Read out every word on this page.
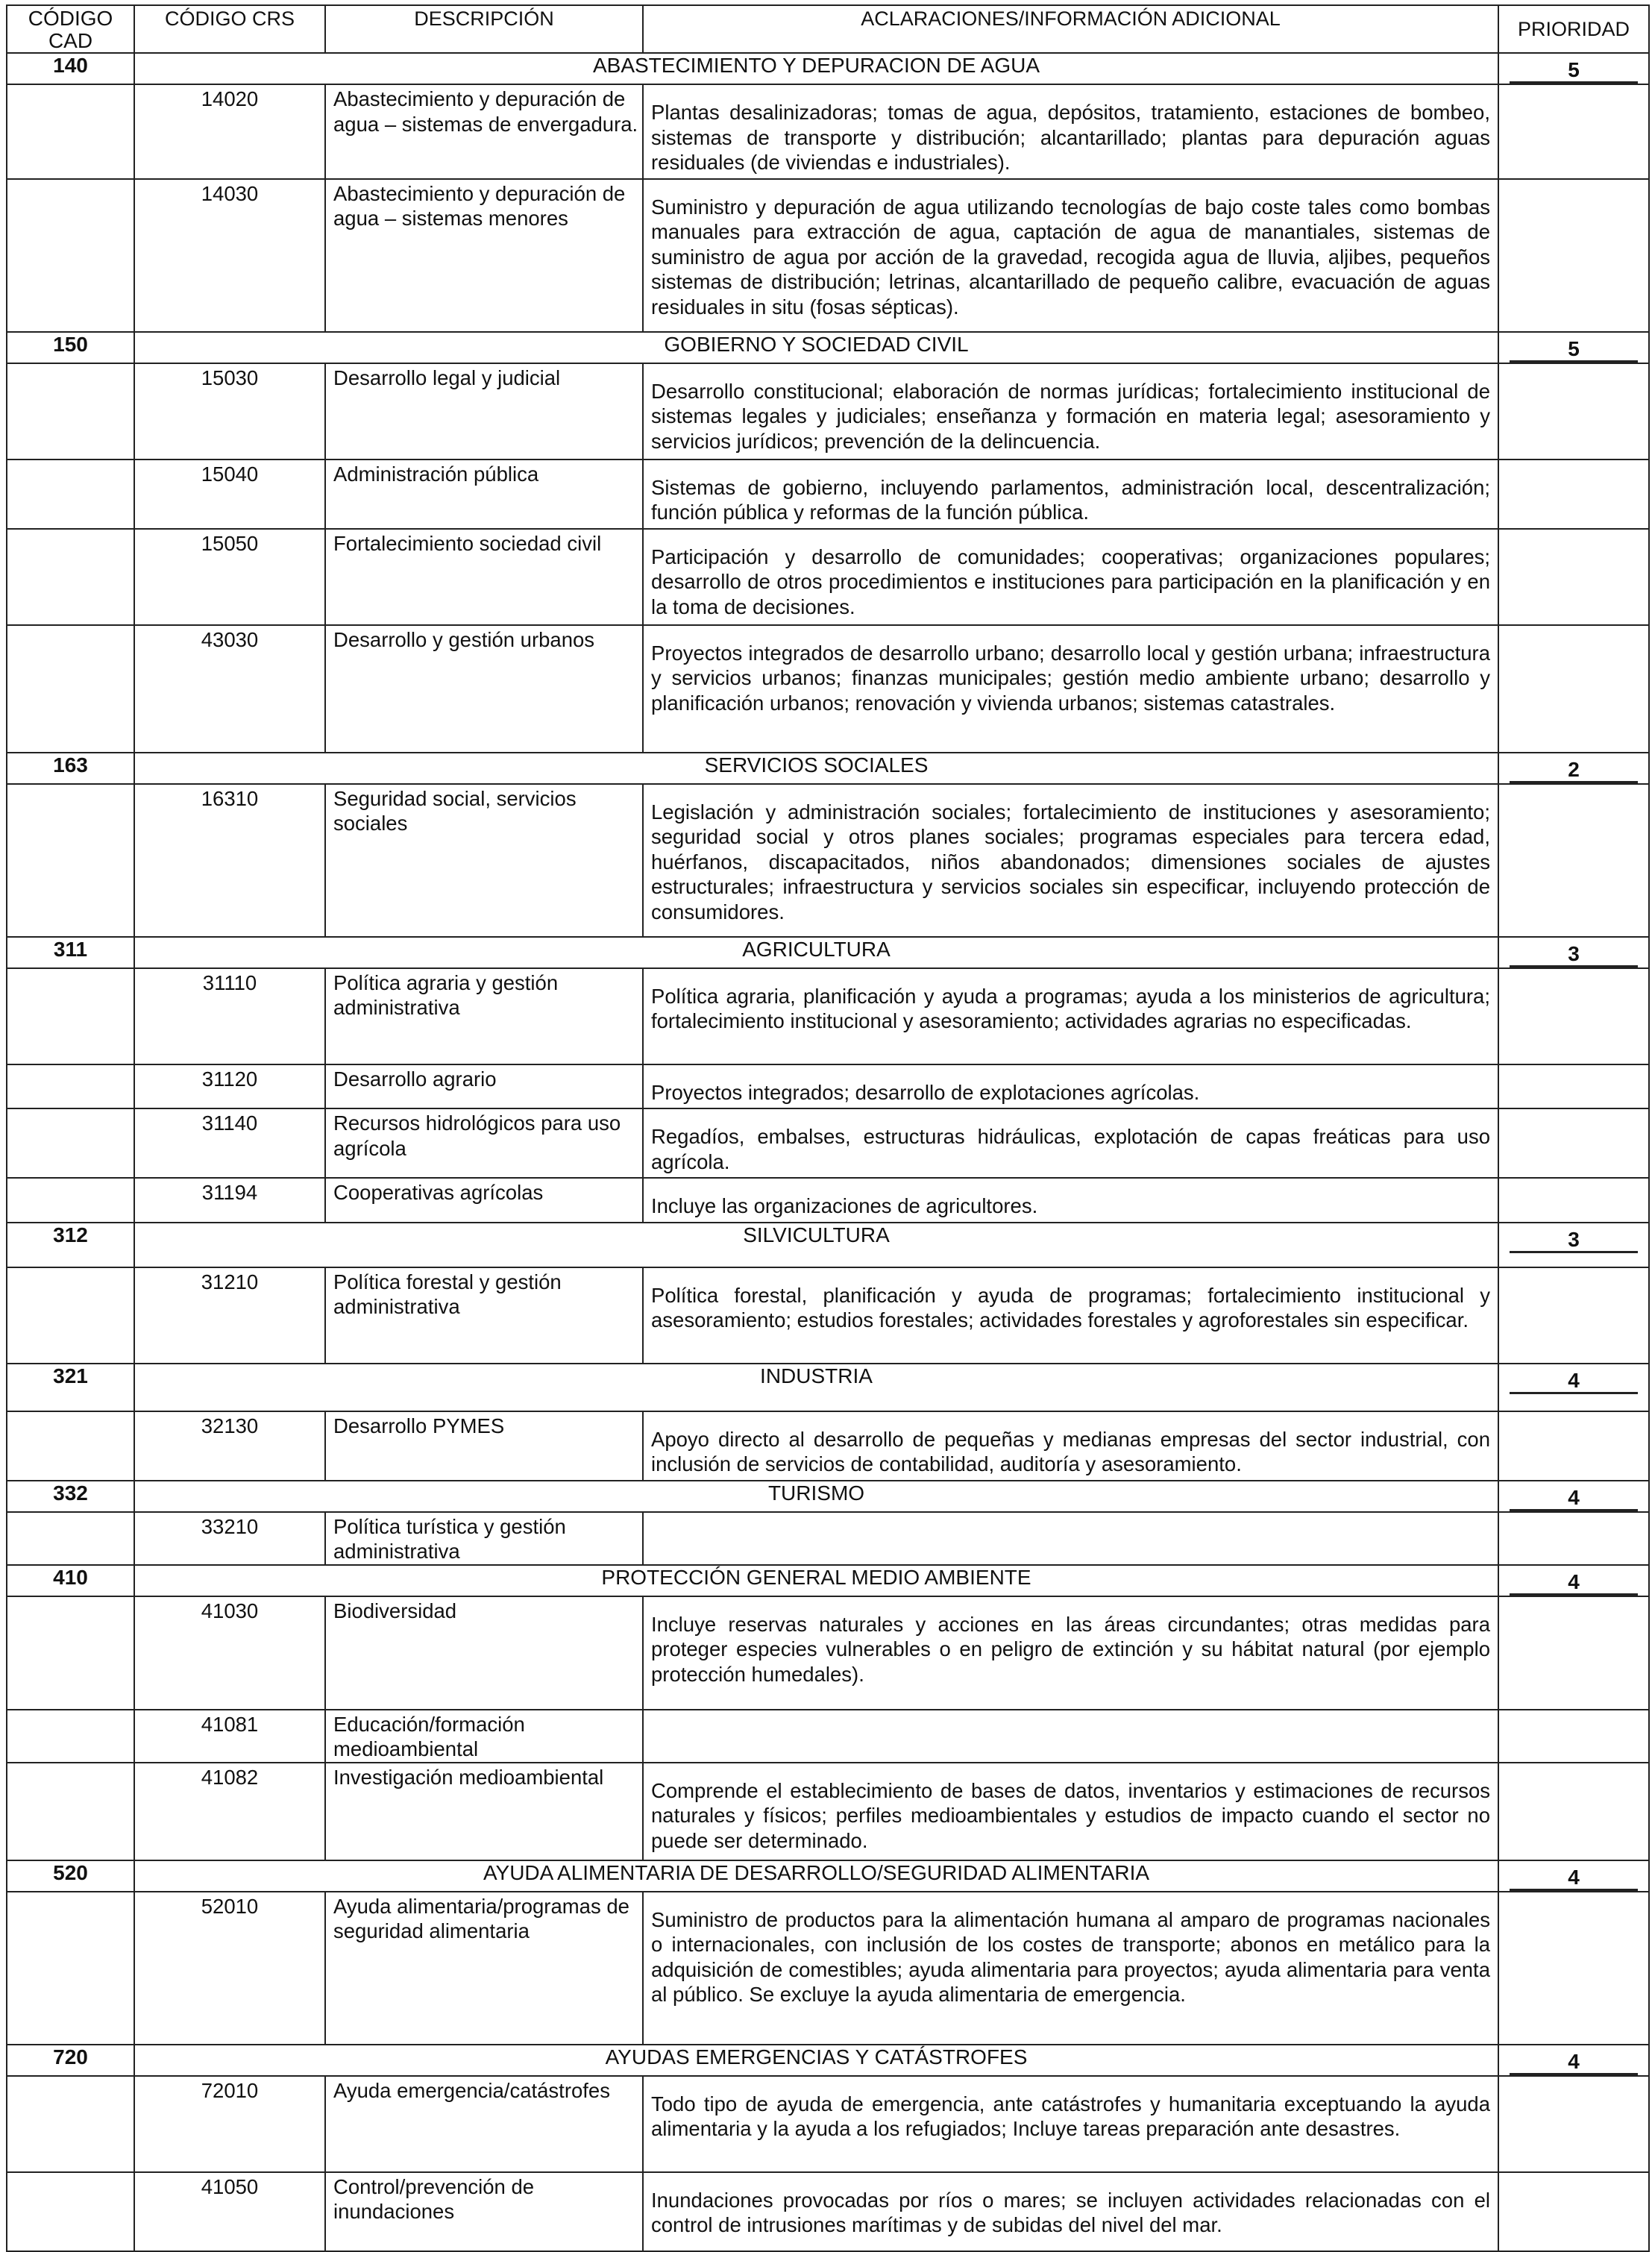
CÓDIGO CAD	CÓDIGO CRS	DESCRIPCIÓN	ACLARACIONES/INFORMACIÓN ADICIONAL	PRIORIDAD
140	ABASTECIMIENTO Y DEPURACION DE AGUA			5
	14020	Abastecimiento y depuración de agua – sistemas de envergadura.	Plantas desalinizadoras; tomas de agua, depósitos, tratamiento, estaciones de bombeo, sistemas de transporte y distribución; alcantarillado; plantas para depuración aguas residuales (de viviendas e industriales).	
	14030	Abastecimiento y depuración de agua – sistemas menores	Suministro y depuración de agua utilizando tecnologías de bajo coste tales como bombas manuales para extracción de agua, captación de agua de manantiales, sistemas de suministro de agua por acción de la gravedad, recogida agua de lluvia, aljibes, pequeños sistemas de distribución; letrinas, alcantarillado de pequeño calibre, evacuación de aguas residuales in situ (fosas sépticas).	
150	GOBIERNO Y SOCIEDAD CIVIL			5
	15030	Desarrollo legal y judicial	Desarrollo constitucional; elaboración de normas jurídicas; fortalecimiento institucional de sistemas legales y judiciales; enseñanza y formación en materia legal; asesoramiento y servicios jurídicos; prevención de la delincuencia.	
	15040	Administración pública	Sistemas de gobierno, incluyendo parlamentos, administración local, descentralización; función pública y reformas de la función pública.	
	15050	Fortalecimiento sociedad civil	Participación y desarrollo de comunidades; cooperativas; organizaciones populares; desarrollo de otros procedimientos e instituciones para participación en la planificación y en la toma de decisiones.	
	43030	Desarrollo y gestión urbanos	Proyectos integrados de desarrollo urbano; desarrollo local y gestión urbana; infraestructura y servicios urbanos; finanzas municipales; gestión medio ambiente urbano; desarrollo y planificación urbanos; renovación y vivienda urbanos; sistemas catastrales.	
163	SERVICIOS SOCIALES			2
	16310	Seguridad social, servicios sociales	Legislación y administración sociales; fortalecimiento de instituciones y asesoramiento; seguridad social y otros planes sociales; programas especiales para tercera edad, huérfanos, discapacitados, niños abandonados; dimensiones sociales de ajustes estructurales; infraestructura y servicios sociales sin especificar, incluyendo protección de consumidores.	
311	AGRICULTURA			3
	31110	Política agraria y gestión administrativa	Política agraria, planificación y ayuda a programas; ayuda a los ministerios de agricultura; fortalecimiento institucional y asesoramiento; actividades agrarias no especificadas.	
	31120	Desarrollo agrario	Proyectos integrados; desarrollo de explotaciones agrícolas.	
	31140	Recursos hidrológicos para uso agrícola	Regadíos, embalses, estructuras hidráulicas, explotación de capas freáticas para uso agrícola.	
	31194	Cooperativas agrícolas	Incluye las organizaciones de agricultores.	
312	SILVICULTURA			3
	31210	Política forestal y gestión administrativa	Política forestal, planificación y ayuda de programas; fortalecimiento institucional y asesoramiento; estudios forestales; actividades forestales y agroforestales sin especificar.	
321	INDUSTRIA			4
	32130	Desarrollo PYMES	Apoyo directo al desarrollo de pequeñas y medianas empresas del sector industrial, con inclusión de servicios de contabilidad, auditoría y asesoramiento.	
332	TURISMO			4
	33210	Política turística y gestión administrativa		
410	PROTECCIÓN GENERAL MEDIO AMBIENTE			4
	41030	Biodiversidad	Incluye reservas naturales y acciones en las áreas circundantes; otras medidas para proteger especies vulnerables o en peligro de extinción y su hábitat natural (por ejemplo protección humedales).	
	41081	Educación/formación medioambiental		
	41082	Investigación medioambiental	Comprende el establecimiento de bases de datos, inventarios y estimaciones de recursos naturales y físicos; perfiles medioambientales y estudios de impacto cuando el sector no puede ser determinado.	
520	AYUDA ALIMENTARIA DE DESARROLLO/SEGURIDAD ALIMENTARIA			4
	52010	Ayuda alimentaria/programas de seguridad alimentaria	Suministro de productos para la alimentación humana al amparo de programas nacionales o internacionales, con inclusión de los costes de transporte; abonos en metálico para la adquisición de comestibles; ayuda alimentaria para proyectos; ayuda alimentaria para venta al público. Se excluye la ayuda alimentaria de emergencia.	
720	AYUDAS EMERGENCIAS Y CATÁSTROFES			4
	72010	Ayuda emergencia/catástrofes	Todo tipo de ayuda de emergencia, ante catástrofes y humanitaria exceptuando la ayuda alimentaria y la ayuda a los refugiados; Incluye tareas preparación ante desastres.	
	41050	Control/prevención de inundaciones	Inundaciones provocadas por ríos o mares; se incluyen actividades relacionadas con el control de intrusiones marítimas y de subidas del nivel del mar.	
